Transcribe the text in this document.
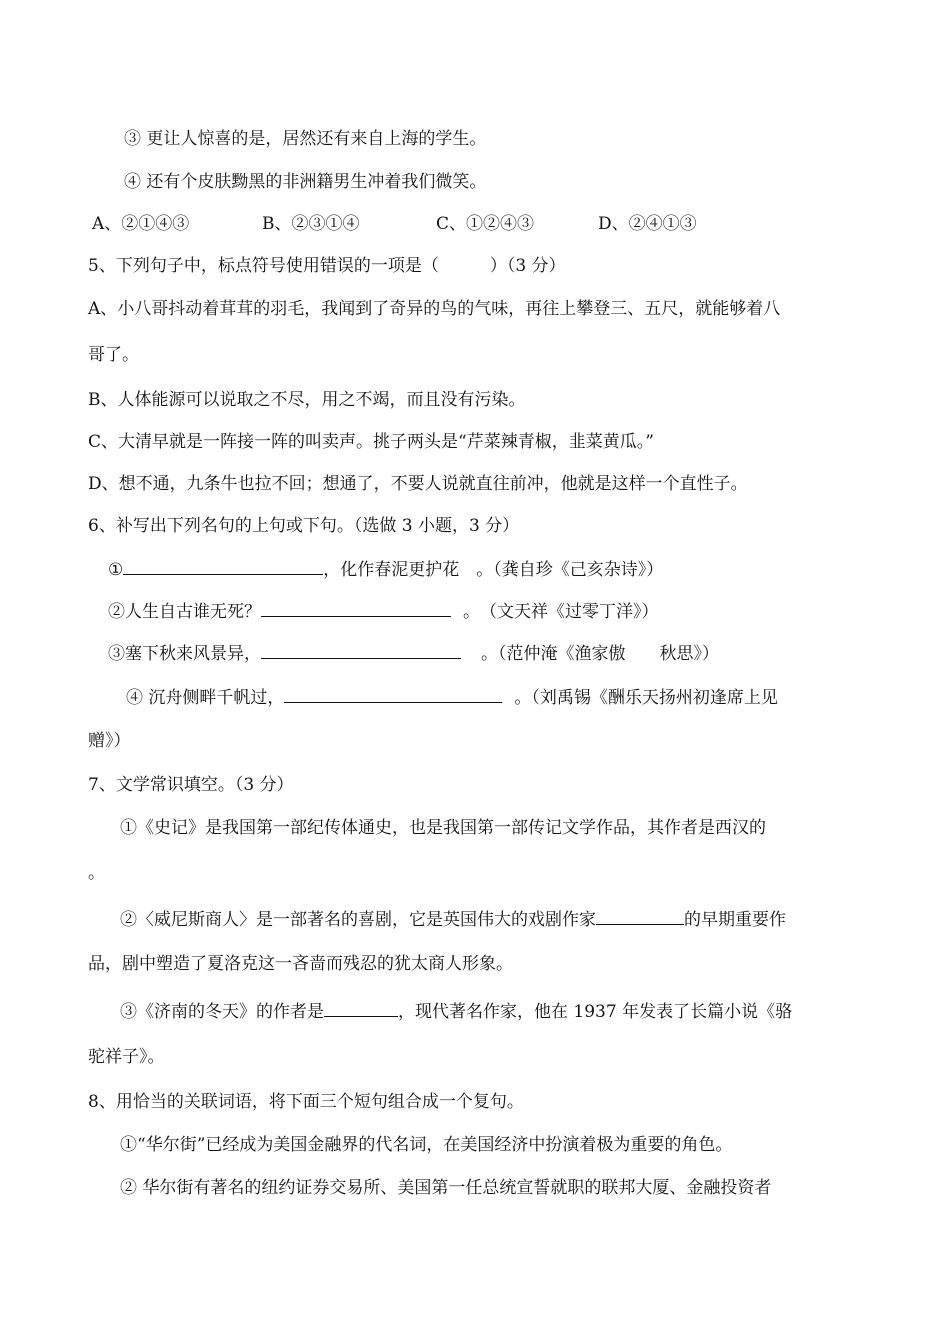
③ 更让人惊喜的是，居然还有来自上海的学生。
④ 还有个皮肤黝黑的非洲籍男生冲着我们微笑。
A、②①④③	B、②③①④	C、①②④③	D、②④①③
5、下列句子中，标点符号使用错误的一项是（　　　）（3 分）
A、小八哥抖动着茸茸的羽毛，我闻到了奇异的鸟的气味，再往上攀登三、五尺，就能够着八
哥了。
B、人体能源可以说取之不尽，用之不竭，而且没有污染。
C、大清早就是一阵接一阵的叫卖声。挑子两头是“芹菜辣青椒，韭菜黄瓜。”
D、想不通，九条牛也拉不回；想通了，不要人说就直往前冲，他就是这样一个直性子。
6、补写出下列名句的上句或下句。（选做 3 小题，3 分）
①	，化作春泥更护花　。（龚自珍《己亥杂诗》）
②人生自古谁无死？	。　（文天祥《过零丁洋》）
③塞下秋来风景异，	。（范仲淹《渔家傲　　秋思》）
④ 沉舟侧畔千帆过，	。（刘禹锡《酬乐天扬州初逢席上见
赠》）
7、文学常识填空。（3 分）
①《史记》是我国第一部纪传体通史，也是我国第一部传记文学作品，其作者是西汉的
。
②〈威尼斯商人〉是一部著名的喜剧，它是英国伟大的戏剧作家	的早期重要作
品，剧中塑造了夏洛克这一吝啬而残忍的犹太商人形象。
③《济南的冬天》的作者是	，现代著名作家，他在 1937 年发表了长篇小说《骆
驼祥子》。
8、用恰当的关联词语，将下面三个短句组合成一个复句。
①“华尔街”已经成为美国金融界的代名词，在美国经济中扮演着极为重要的角色。
② 华尔街有著名的纽约证券交易所、美国第一任总统宣誓就职的联邦大厦、金融投资者
